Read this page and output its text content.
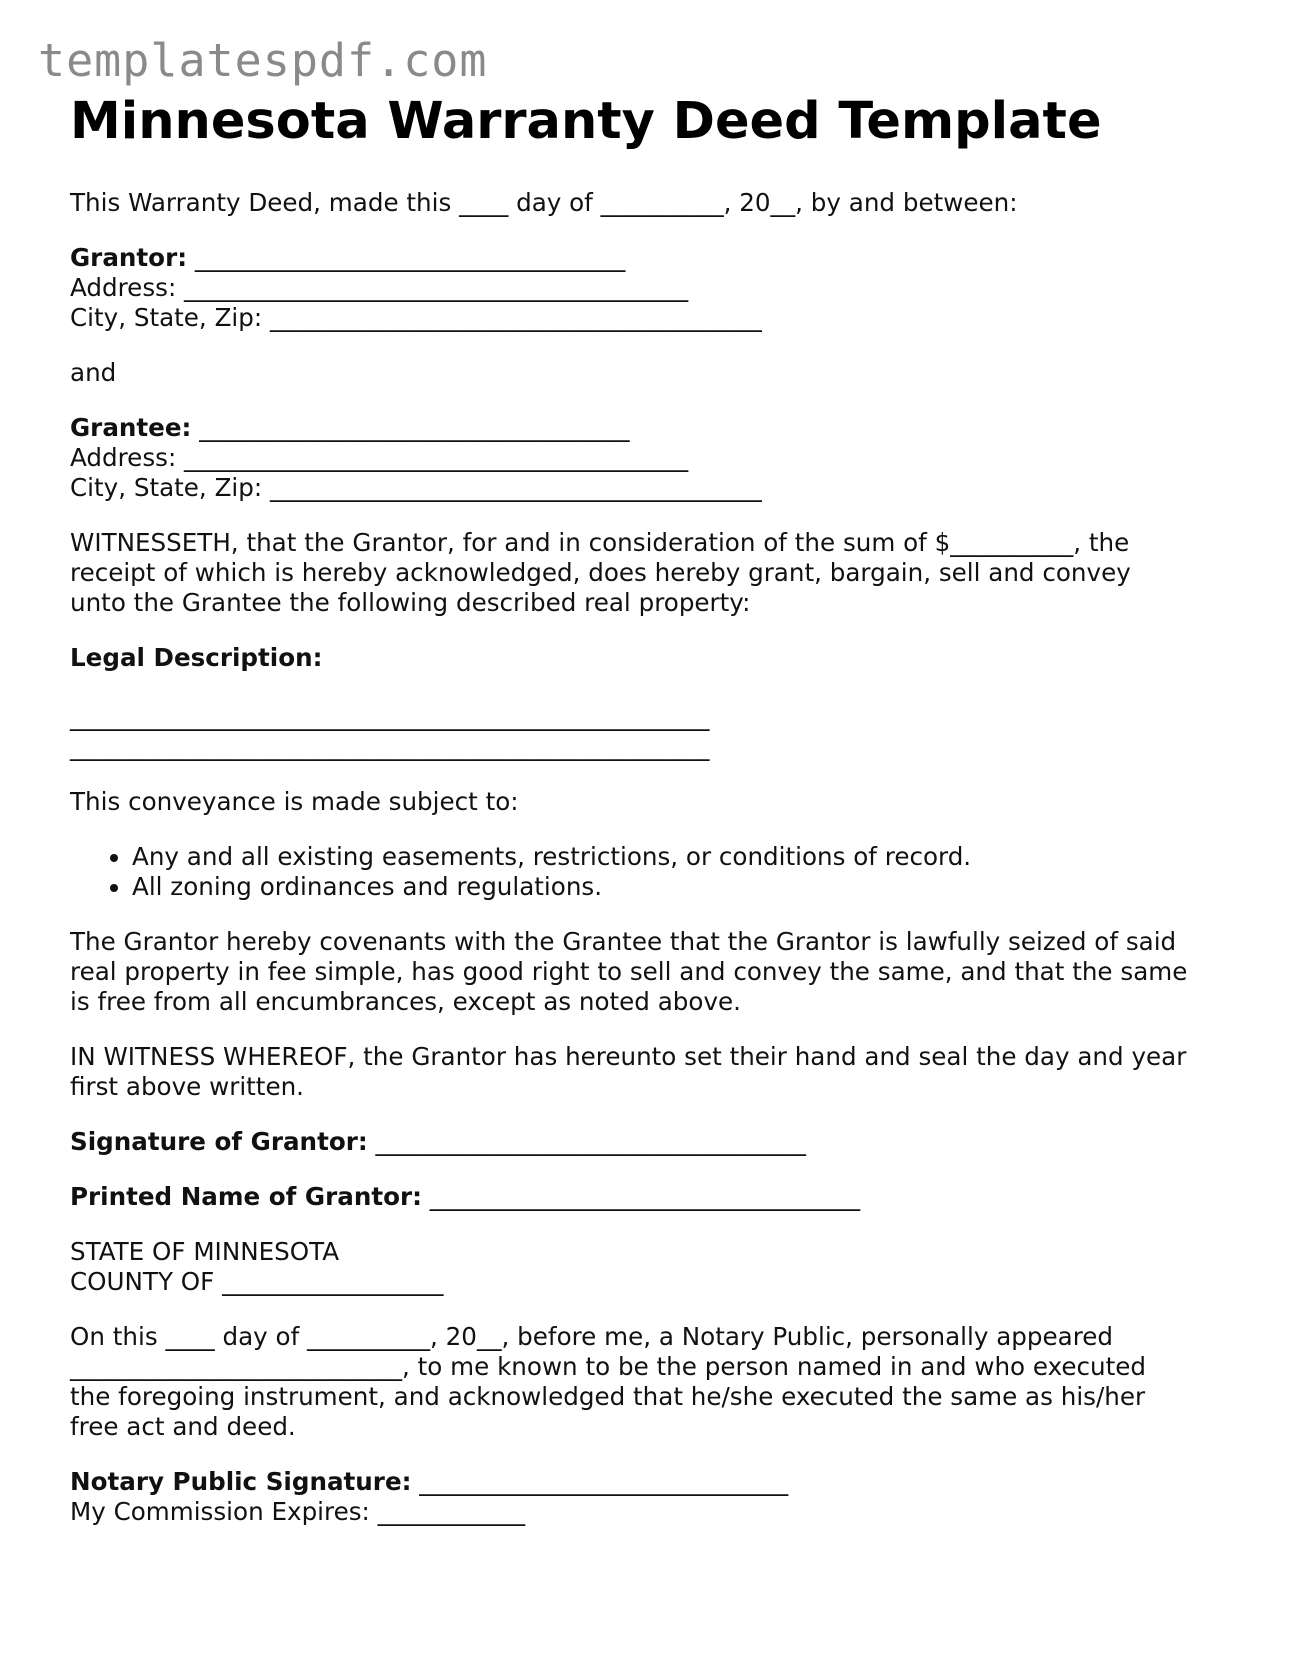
templatespdf.com
Minnesota Warranty Deed Template

This Warranty Deed, made this ____ day of __________, 20__, by and between:

Grantor: ___________________________________
Address: _________________________________________
City, State, Zip: ________________________________________

and

Grantee: ___________________________________
Address: _________________________________________
City, State, Zip: ________________________________________

WITNESSETH, that the Grantor, for and in consideration of the sum of $__________, the
receipt of which is hereby acknowledged, does hereby grant, bargain, sell and convey
unto the Grantee the following described real property:

Legal Description:

____________________________________________________
____________________________________________________

This conveyance is made subject to:

• Any and all existing easements, restrictions, or conditions of record.
• All zoning ordinances and regulations.

The Grantor hereby covenants with the Grantee that the Grantor is lawfully seized of said
real property in fee simple, has good right to sell and convey the same, and that the same
is free from all encumbrances, except as noted above.

IN WITNESS WHEREOF, the Grantor has hereunto set their hand and seal the day and year
first above written.

Signature of Grantor: ___________________________________

Printed Name of Grantor: ___________________________________

STATE OF MINNESOTA
COUNTY OF __________________

On this ____ day of __________, 20__, before me, a Notary Public, personally appeared
___________________________, to me known to be the person named in and who executed
the foregoing instrument, and acknowledged that he/she executed the same as his/her
free act and deed.

Notary Public Signature: ______________________________
My Commission Expires: ____________
